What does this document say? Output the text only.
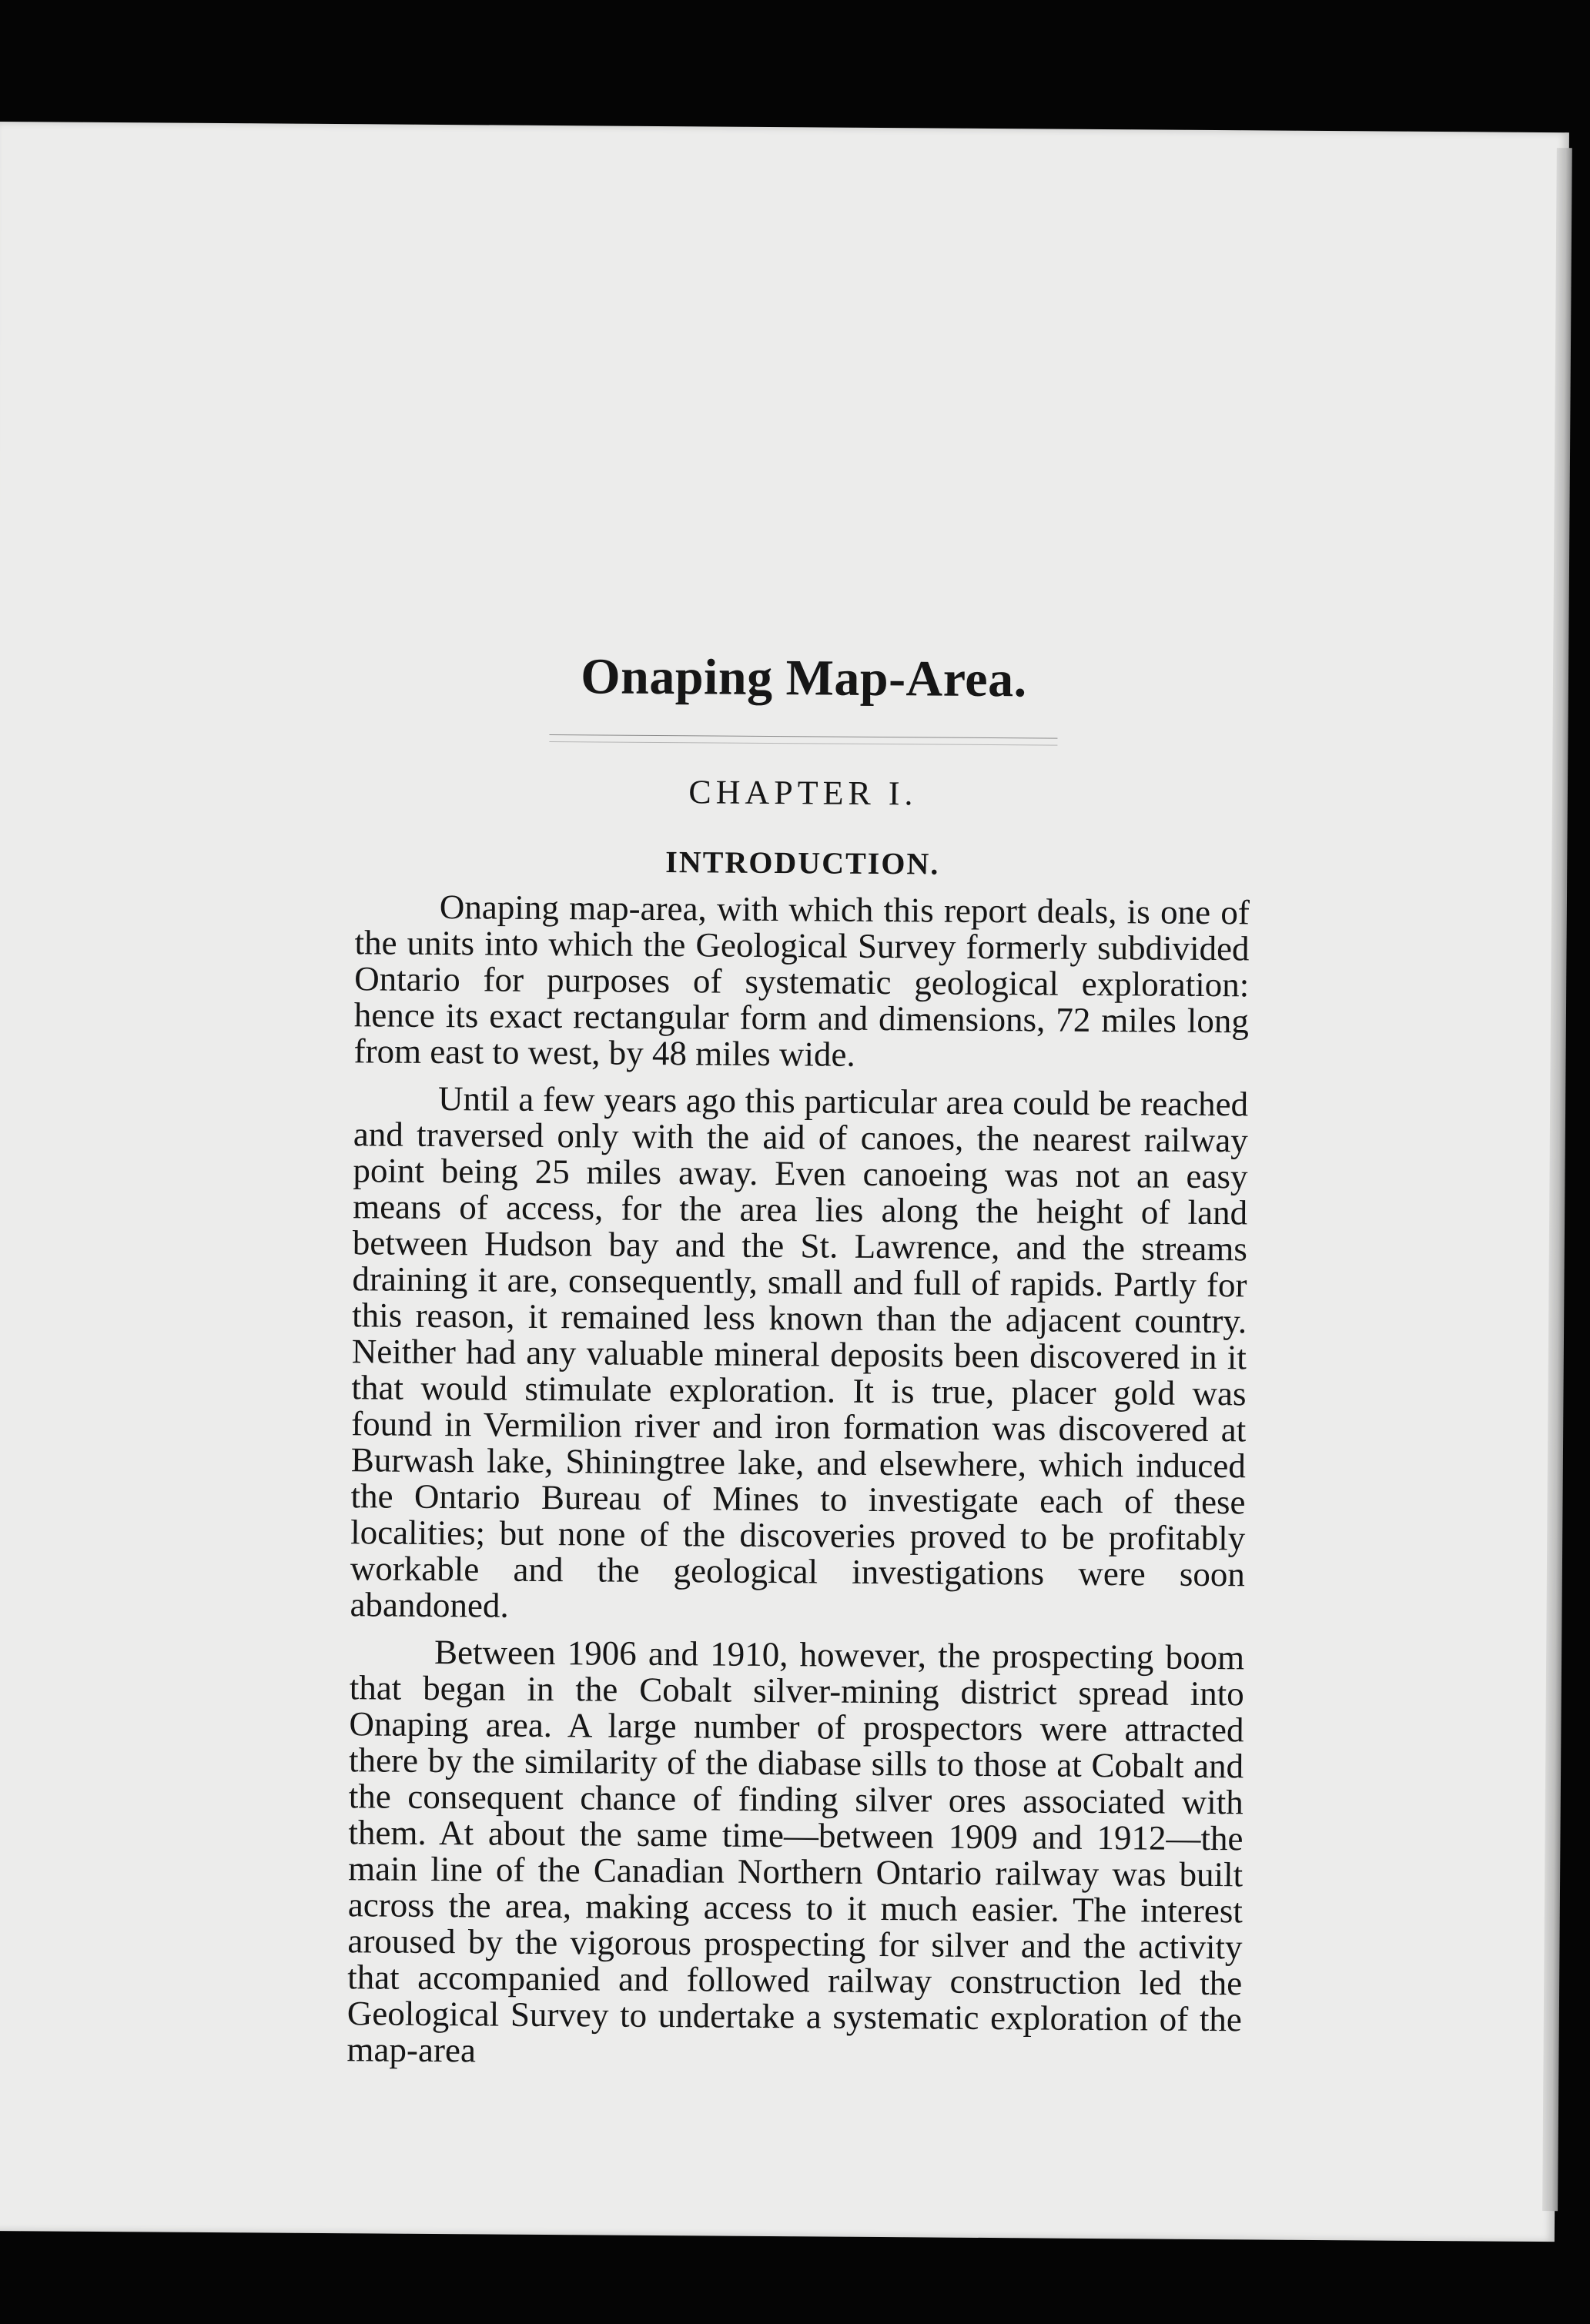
Onaping Map-Area.
CHAPTER I.
INTRODUCTION.

Onaping map-area, with which this report deals, is one of the units into which the Geological Survey formerly subdivided Ontario for purposes of systematic geological exploration: hence its exact rectangular form and dimensions, 72 miles long from east to west, by 48 miles wide.

Until a few years ago this particular area could be reached and traversed only with the aid of canoes, the nearest railway point being 25 miles away. Even canoeing was not an easy means of access, for the area lies along the height of land between Hudson bay and the St. Lawrence, and the streams draining it are, consequently, small and full of rapids. Partly for this reason, it remained less known than the adjacent country. Neither had any valuable mineral deposits been discovered in it that would stimulate exploration. It is true, placer gold was found in Vermilion river and iron formation was discovered at Burwash lake, Shiningtree lake, and elsewhere, which induced the Ontario Bureau of Mines to investigate each of these localities; but none of the discoveries proved to be profitably workable and the geological investigations were soon abandoned.

Between 1906 and 1910, however, the prospecting boom that began in the Cobalt silver-mining district spread into Onaping area. A large number of prospectors were attracted there by the similarity of the diabase sills to those at Cobalt and the consequent chance of finding silver ores associated with them. At about the same time—between 1909 and 1912—the main line of the Canadian Northern Ontario railway was built across the area, making access to it much easier. The interest aroused by the vigorous prospecting for silver and the activity that accompanied and followed railway construction led the Geological Survey to undertake a systematic exploration of the map-area
